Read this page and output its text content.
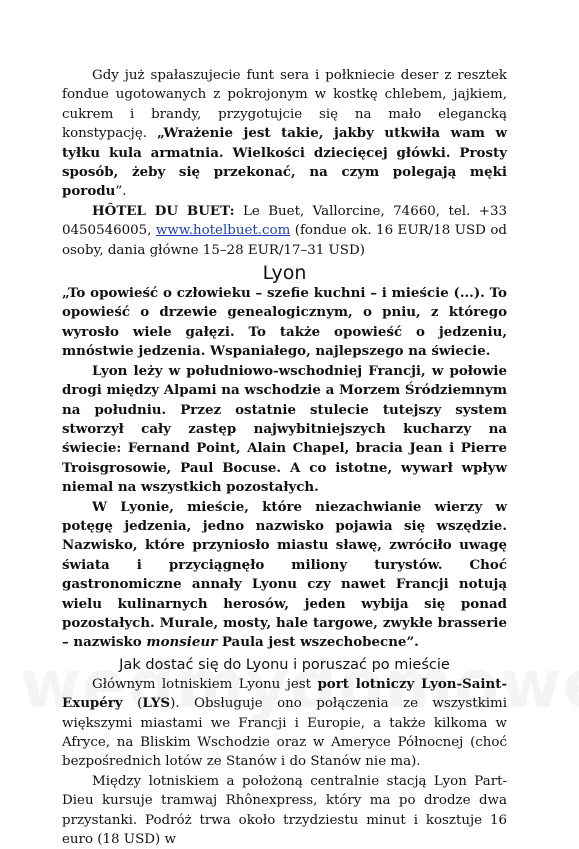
Gdy już spałaszujecie funt sera i połkniecie deser z resztek fondue ugotowanych z pokrojonym w kostkę chlebem, jajkiem, cukrem i brandy, przygotujcie się na mało elegancką konstypację. „Wrażenie jest takie, jakby utkwiła wam w tyłku kula armatnia. Wielkości dziecięcej główki. Prosty sposób, żeby się przekonać, na czym polegają męki porodu”.

HÔTEL DU BUET: Le Buet, Vallorcine, 74660, tel. +33 0450546005, www.hotelbuet.com (fondue ok. 16 EUR/18 USD od osoby, dania główne 15–28 EUR/17–31 USD)

Lyon

„To opowieść o człowieku – szefie kuchni – i mieście (...). To opowieść o drzewie genealogicznym, o pniu, z którego wyrosło wiele gałęzi. To także opowieść o jedzeniu, mnóstwie jedzenia. Wspaniałego, najlepszego na świecie.

Lyon leży w południowo-wschodniej Francji, w połowie drogi między Alpami na wschodzie a Morzem Śródziemnym na południu. Przez ostatnie stulecie tutejszy system stworzył cały zastęp najwybitniejszych kucharzy na świecie: Fernand Point, Alain Chapel, bracia Jean i Pierre Troisgrosowie, Paul Bocuse. A co istotne, wywarł wpływ niemal na wszystkich pozostałych.

W Lyonie, mieście, które niezachwianie wierzy w potęgę jedzenia, jedno nazwisko pojawia się wszędzie. Nazwisko, które przyniosło miastu sławę, zwróciło uwagę świata i przyciągnęło miliony turystów. Choć gastronomiczne annały Lyonu czy nawet Francji notują wielu kulinarnych herosów, jeden wybija się ponad pozostałych. Murale, mosty, hale targowe, zwykłe brasserie – nazwisko monsieur Paula jest wszechobecne”.

Jak dostać się do Lyonu i poruszać po mieście

Głównym lotniskiem Lyonu jest port lotniczy Lyon-Saint-Exupéry (LYS). Obsługuje ono połączenia ze wszystkimi większymi miastami we Francji i Europie, a także kilkoma w Afryce, na Bliskim Wschodzie oraz w Ameryce Północnej (choć bezpośrednich lotów ze Stanów i do Stanów nie ma).

Między lotniskiem a położoną centralnie stacją Lyon Part-Dieu kursuje tramwaj Rhônexpress, który ma po drodze dwa przystanki. Podróż trwa około trzydziestu minut i kosztuje 16 euro (18 USD) w
